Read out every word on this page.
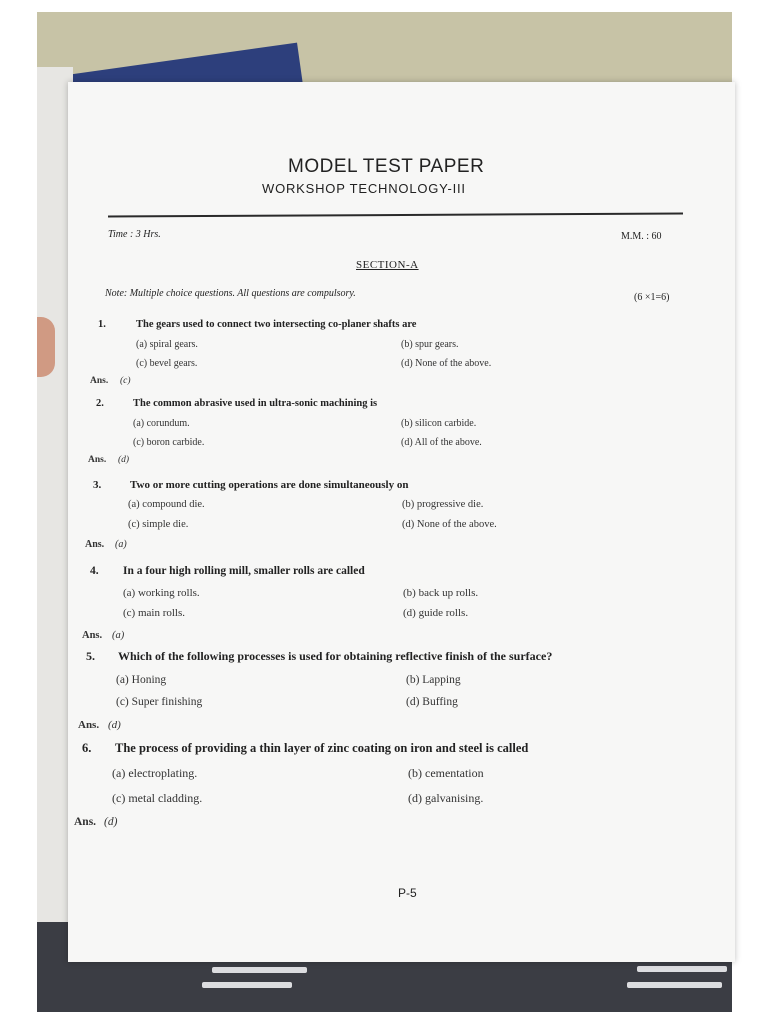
MODEL TEST PAPER
WORKSHOP TECHNOLOGY-III
Time : 3 Hrs.	M.M. : 60
SECTION-A
Note: Multiple choice questions. All questions are compulsory.	(6 ×1=6)
1.	The gears used to connect two intersecting co-planer shafts are
(a) spiral gears.	(b) spur gears.
(c) bevel gears.	(d) None of the above.
Ans. (c)
2.	The common abrasive used in ultra-sonic machining is
(a) corundum.	(b) silicon carbide.
(c) boron carbide.	(d) All of the above.
Ans. (d)
3.	Two or more cutting operations are done simultaneously on
(a) compound die.	(b) progressive die.
(c) simple die.	(d) None of the above.
Ans. (a)
4. In a four high rolling mill, smaller rolls are called
(a) working rolls.	(b) back up rolls.
(c) main rolls.	(d) guide rolls.
Ans. (a)
5. Which of the following processes is used for obtaining reflective finish of the surface?
(a) Honing	(b) Lapping
(c) Super finishing	(d) Buffing
Ans. (d)
6. The process of providing a thin layer of zinc coating on iron and steel is called
(a) electroplating.	(b) cementation
(c) metal cladding.	(d) galvanising.
Ans. (d)
P-5
